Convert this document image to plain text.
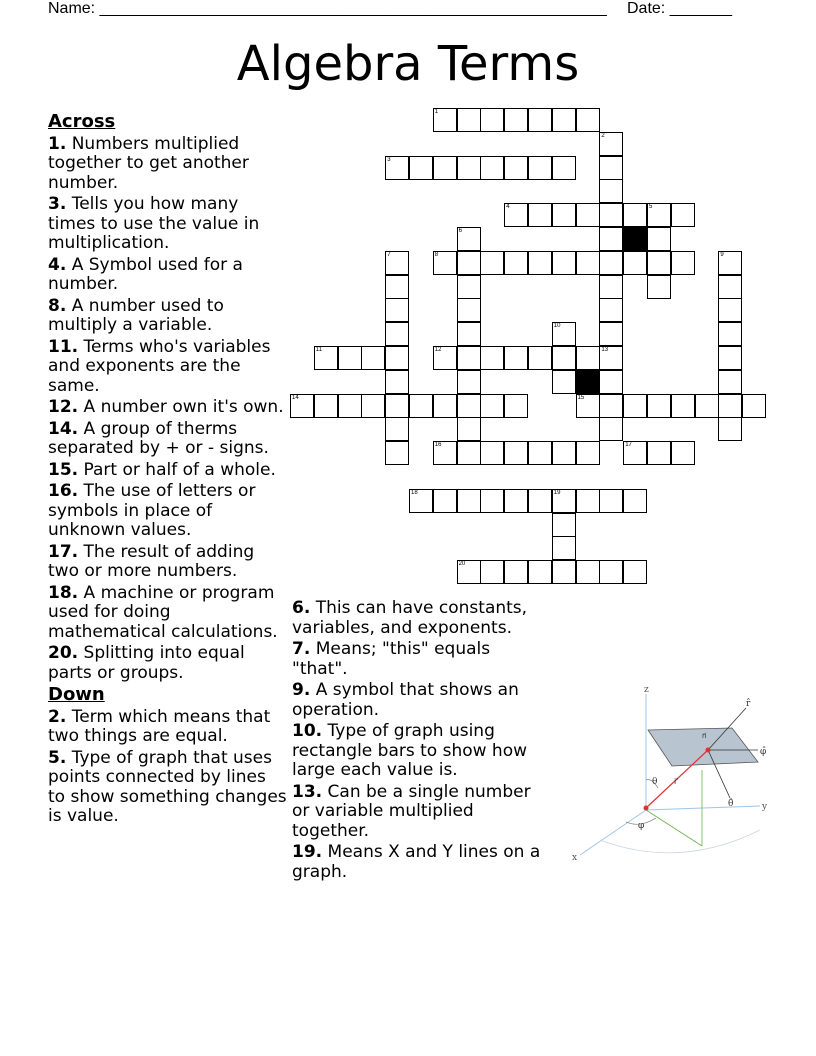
Name: _________________________________________________________ Date: _______
Algebra Terms
Across
1. Numbers multiplied together to get another number.
3. Tells you how many times to use the value in multiplication.
4. A Symbol used for a number.
8. A number used to multiply a variable.
11. Terms who's variables and exponents are the same.
12. A number own it's own.
14. A group of therms separated by + or - signs.
15. Part or half of a whole.
16. The use of letters or symbols in place of unknown values.
17. The result of adding two or more numbers.
18. A machine or program used for doing mathematical calculations.
20. Splitting into equal parts or groups.
Down
2. Term which means that two things are equal.
5. Type of graph that uses points connected by lines to show something changes is value.
6. This can have constants, variables, and exponents.
7. Means; "this" equals "that".
9. A symbol that shows an operation.
10. Type of graph using rectangle bars to show how large each value is.
13. Can be a single number or variable multiplied together.
19. Means X and Y lines on a graph.
1
2
3
4	5
6
7	8	9
10
11	12	13
14	15
16	17
18	19
20
z
y
x
r̂
φ̂
θ̂
θ
φ
r⃗
n⃗
